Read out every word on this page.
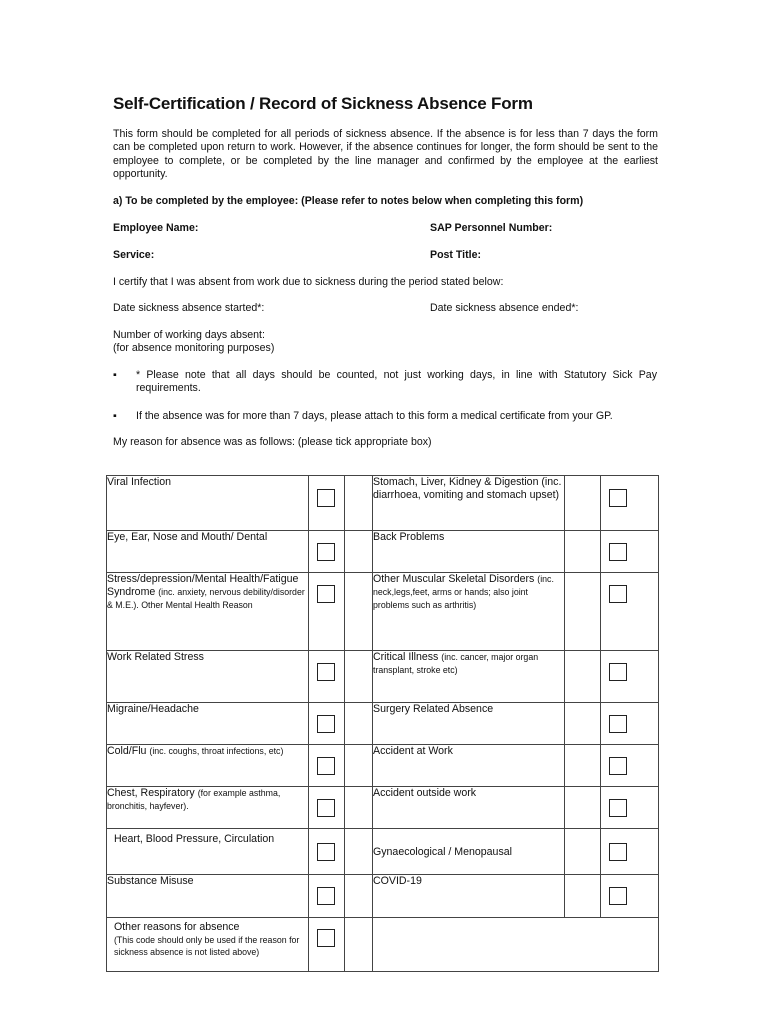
Self-Certification / Record of Sickness Absence Form
This form should be completed for all periods of sickness absence. If the absence is for less than 7 days the form can be completed upon return to work. However, if the absence continues for longer, the form should be sent to the employee to complete, or be completed by the line manager and confirmed by the employee at the earliest opportunity.
a) To be completed by the employee: (Please refer to notes below when completing this form)
Employee Name:	SAP Personnel Number:
Service:	Post Title:
I certify that I was absent from work due to sickness during the period stated below:
Date sickness absence started*:	Date sickness absence ended*:
Number of working days absent:
(for absence monitoring purposes)
▪ * Please note that all days should be counted, not just working days, in line with Statutory Sick Pay requirements.
▪ If the absence was for more than 7 days, please attach to this form a medical certificate from your GP.
My reason for absence was as follows: (please tick appropriate box)
Viral Infection			Stomach, Liver, Kidney & Digestion (inc. diarrhoea, vomiting and stomach upset)		

Eye, Ear, Nose and Mouth/ Dental			Back Problems		

Stress/depression/Mental Health/Fatigue Syndrome (inc. anxiety, nervous debility/disorder & M.E.). Other Mental Health Reason			Other Muscular Skeletal Disorders (inc. neck,legs,feet, arms or hands; also joint problems such as arthritis)		

Work Related Stress			Critical Illness (inc. cancer, major organ transplant, stroke etc)		

Migraine/Headache			Surgery Related Absence		

Cold/Flu (inc. coughs, throat infections, etc)			Accident at Work		

Chest, Respiratory (for example asthma, bronchitis, hayfever).			Accident outside work		

Heart, Blood Pressure, Circulation			Gynaecological / Menopausal		

Substance Misuse			COVID-19		

Other reasons for absence
(This code should only be used if the reason for sickness absence is not listed above)					
